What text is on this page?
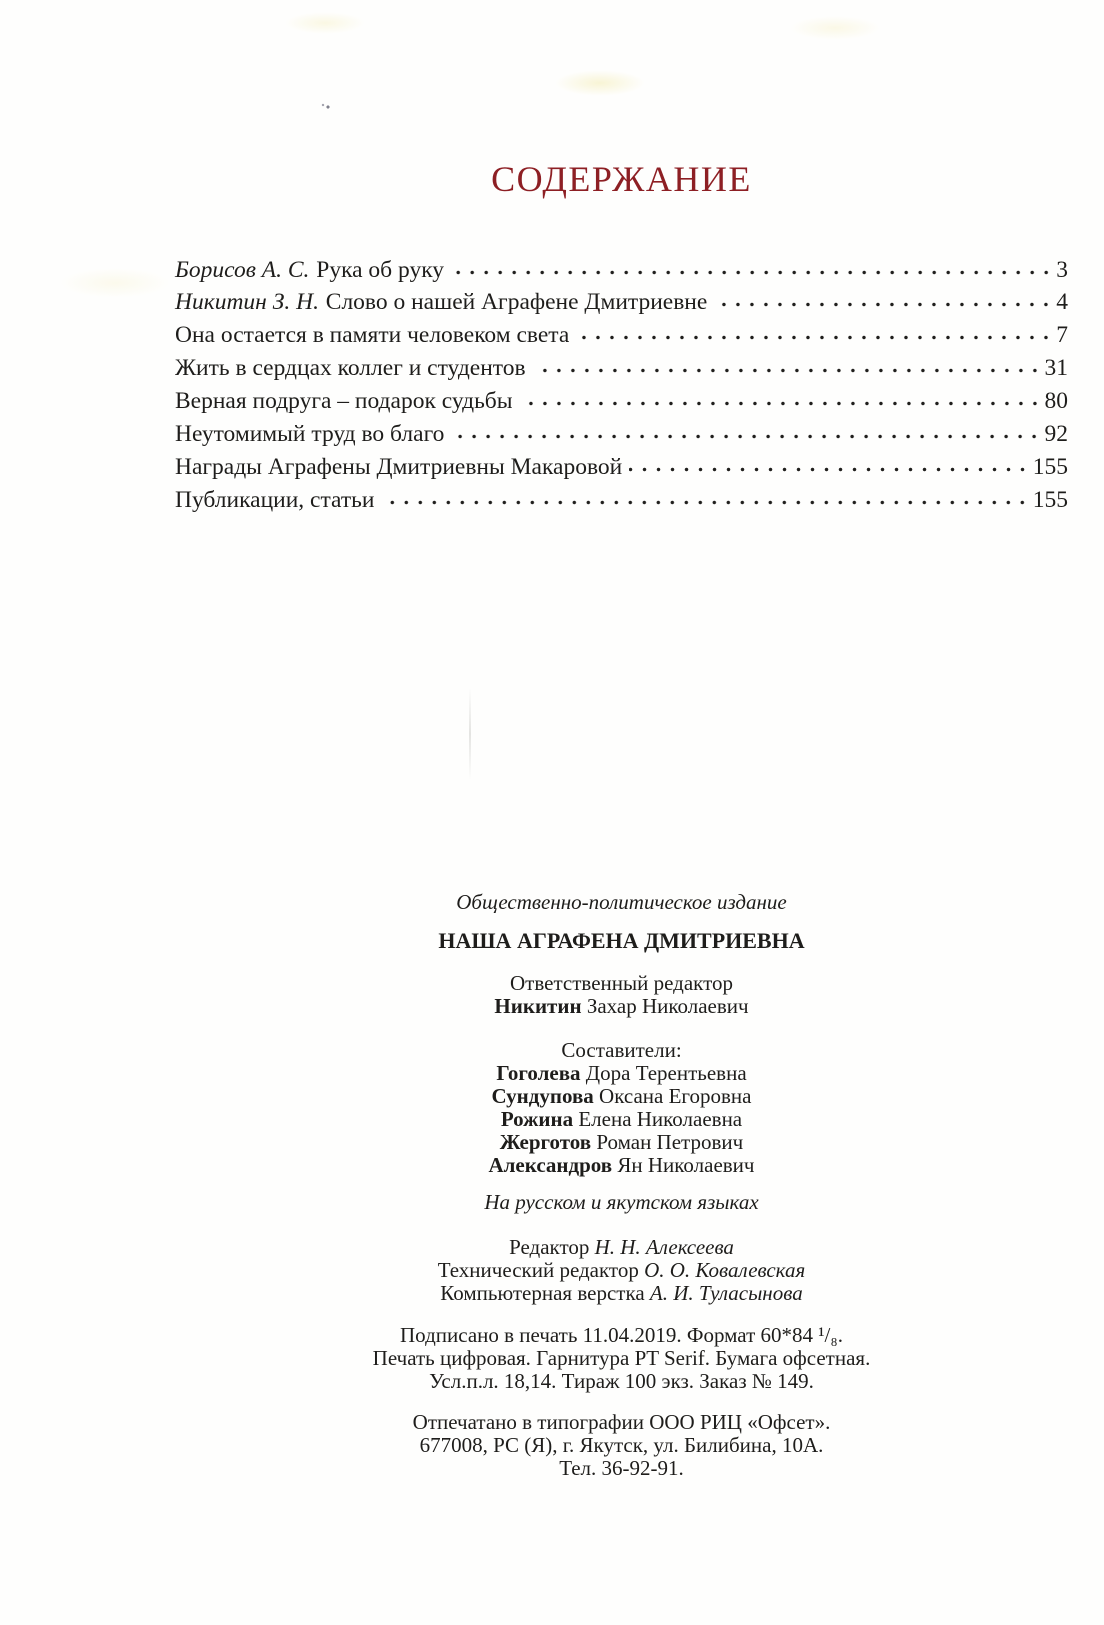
СОДЕРЖАНИЕ
Борисов А. С. Рука об руку	3
Никитин З. Н. Слово о нашей Аграфене Дмитриевне	4
Она остается в памяти человеком света	7
Жить в сердцах коллег и студентов	31
Верная подруга – подарок судьбы	80
Неутомимый труд во благо	92
Награды Аграфены Дмитриевны Макаровой	155
Публикации, статьи	155
Общественно-политическое издание
НАША АГРАФЕНА ДМИТРИЕВНА
Ответственный редактор
Никитин Захар Николаевич
Составители:
Гоголева Дора Терентьевна
Сундупова Оксана Егоровна
Рожина Елена Николаевна
Жерготов Роман Петрович
Александров Ян Николаевич
На русском и якутском языках
Редактор Н. Н. Алексеева
Технический редактор О. О. Ковалевская
Компьютерная верстка А. И. Туласынова
Подписано в печать 11.04.2019. Формат 60*84 ¹/₈.
Печать цифровая. Гарнитура PT Serif. Бумага офсетная.
Усл.п.л. 18,14. Тираж 100 экз. Заказ № 149.
Отпечатано в типографии ООО РИЦ «Офсет».
677008, РС (Я), г. Якутск, ул. Билибина, 10А.
Тел. 36-92-91.
